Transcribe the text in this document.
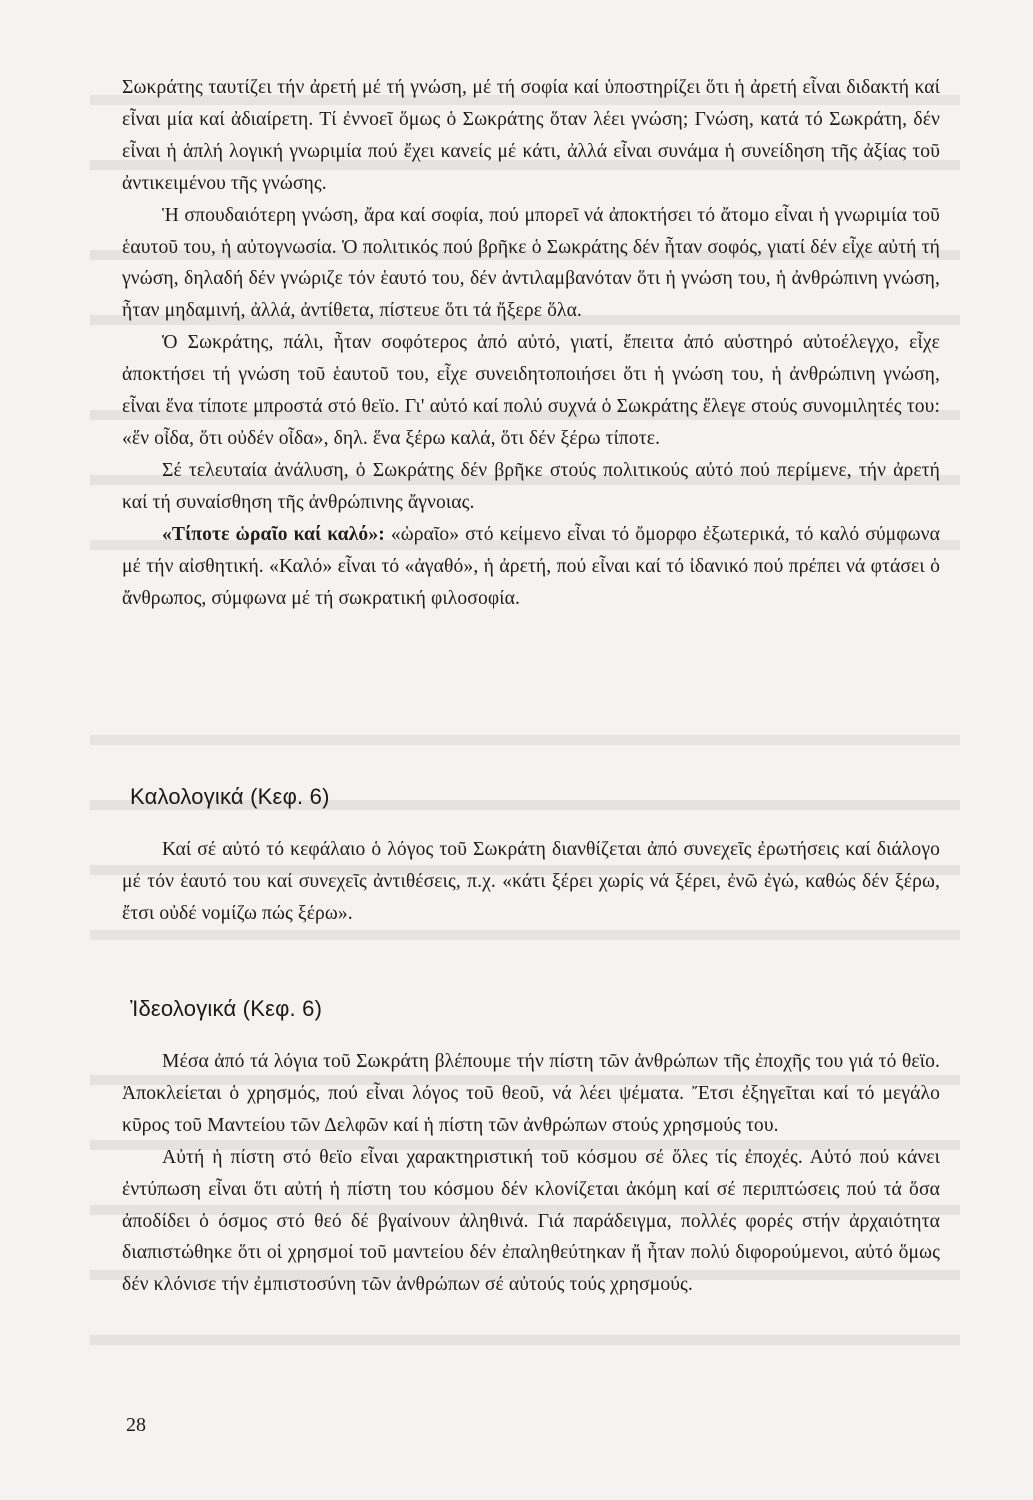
Σωκράτης ταυτίζει τήν ἀρετή μέ τή γνώση, μέ τή σοφία καί ὑποστηρίζει ὅτι ἡ ἀρετή εἶναι διδακτή καί εἶναι μία καί ἀδιαίρετη. Τί ἐννοεῖ ὅμως ὁ Σωκράτης ὅταν λέει γνώση; Γνώση, κατά τό Σωκράτη, δέν εἶναι ἡ ἁπλή λογική γνωριμία πού ἔχει κανείς μέ κάτι, ἀλλά εἶναι συνάμα ἡ συνείδηση τῆς ἀξίας τοῦ ἀντικειμένου τῆς γνώσης.

Ἡ σπουδαιότερη γνώση, ἄρα καί σοφία, πού μπορεῖ νά ἀποκτήσει τό ἄτομο εἶναι ἡ γνωριμία τοῦ ἑαυτοῦ του, ἡ αὐτογνωσία. Ὁ πολιτικός πού βρῆκε ὁ Σωκράτης δέν ἦταν σοφός, γιατί δέν εἶχε αὐτή τή γνώση, δηλαδή δέν γνώριζε τόν ἑαυτό του, δέν ἀντιλαμβανόταν ὅτι ἡ γνώση του, ἡ ἀνθρώπινη γνώση, ἦταν μηδαμινή, ἀλλά, ἀντίθετα, πίστευε ὅτι τά ἤξερε ὅλα.

Ὁ Σωκράτης, πάλι, ἦταν σοφότερος ἀπό αὐτό, γιατί, ἔπειτα ἀπό αὐστηρό αὐτοέλεγχο, εἶχε ἀποκτήσει τή γνώση τοῦ ἑαυτοῦ του, εἶχε συνειδητοποιήσει ὅτι ἡ γνώση του, ἡ ἀνθρώπινη γνώση, εἶναι ἕνα τίποτε μπροστά στό θεϊο. Γι' αὐτό καί πολύ συχνά ὁ Σωκράτης ἔλεγε στούς συνομιλητές του: «ἕν οἶδα, ὅτι οὐδέν οἶδα», δηλ. ἕνα ξέρω καλά, ὅτι δέν ξέρω τίποτε.

Σέ τελευταία ἀνάλυση, ὁ Σωκράτης δέν βρῆκε στούς πολιτικούς αὐτό πού περίμενε, τήν ἀρετή καί τή συναίσθηση τῆς ἀνθρώπινης ἄγνοιας.

«Τίποτε ὡραῖο καί καλό»: «ὡραῖο» στό κείμενο εἶναι τό ὄμορφο ἐξωτερικά, τό καλό σύμφωνα μέ τήν αἰσθητική. «Καλό» εἶναι τό «ἀγαθό», ἡ ἀρετή, πού εἶναι καί τό ἰδανικό πού πρέπει νά φτάσει ὁ ἄνθρωπος, σύμφωνα μέ τή σωκρατική φιλοσοφία.

Καλολογικά (Κεφ. 6)

Καί σέ αὐτό τό κεφάλαιο ὁ λόγος τοῦ Σωκράτη διανθίζεται ἀπό συνεχεῖς ἐρωτήσεις καί διάλογο μέ τόν ἑαυτό του καί συνεχεῖς ἀντιθέσεις, π.χ. «κάτι ξέρει χωρίς νά ξέρει, ἐνῶ ἐγώ, καθώς δέν ξέρω, ἔτσι οὐδέ νομίζω πώς ξέρω».

Ἰδεολογικά (Κεφ. 6)

Μέσα ἀπό τά λόγια τοῦ Σωκράτη βλέπουμε τήν πίστη τῶν ἀνθρώπων τῆς ἐποχῆς του γιά τό θεϊο. Ἀποκλείεται ὁ χρησμός, πού εἶναι λόγος τοῦ θεοῦ, νά λέει ψέματα. Ἔτσι ἐξηγεῖται καί τό μεγάλο κῦρος τοῦ Μαντείου τῶν Δελφῶν καί ἡ πίστη τῶν ἀνθρώπων στούς χρησμούς του.

Αὐτή ἡ πίστη στό θεϊο εἶναι χαρακτηριστική τοῦ κόσμου σέ ὅλες τίς ἐποχές. Αὐτό πού κάνει ἐντύπωση εἶναι ὅτι αὐτή ἡ πίστη του κόσμου δέν κλονίζεται ἀκόμη καί σέ περιπτώσεις πού τά ὅσα ἀποδίδει ὁ όσμος στό θεό δέ βγαίνουν ἀληθινά. Γιά παράδειγμα, πολλές φορές στήν ἀρχαιότητα διαπιστώθηκε ὅτι οἱ χρησμοί τοῦ μαντείου δέν ἐπαληθεύτηκαν ἤ ἦταν πολύ διφορούμενοι, αὐτό ὅμως δέν κλόνισε τήν ἐμπιστοσύνη τῶν ἀνθρώπων σέ αὐτούς τούς χρησμούς.

28
